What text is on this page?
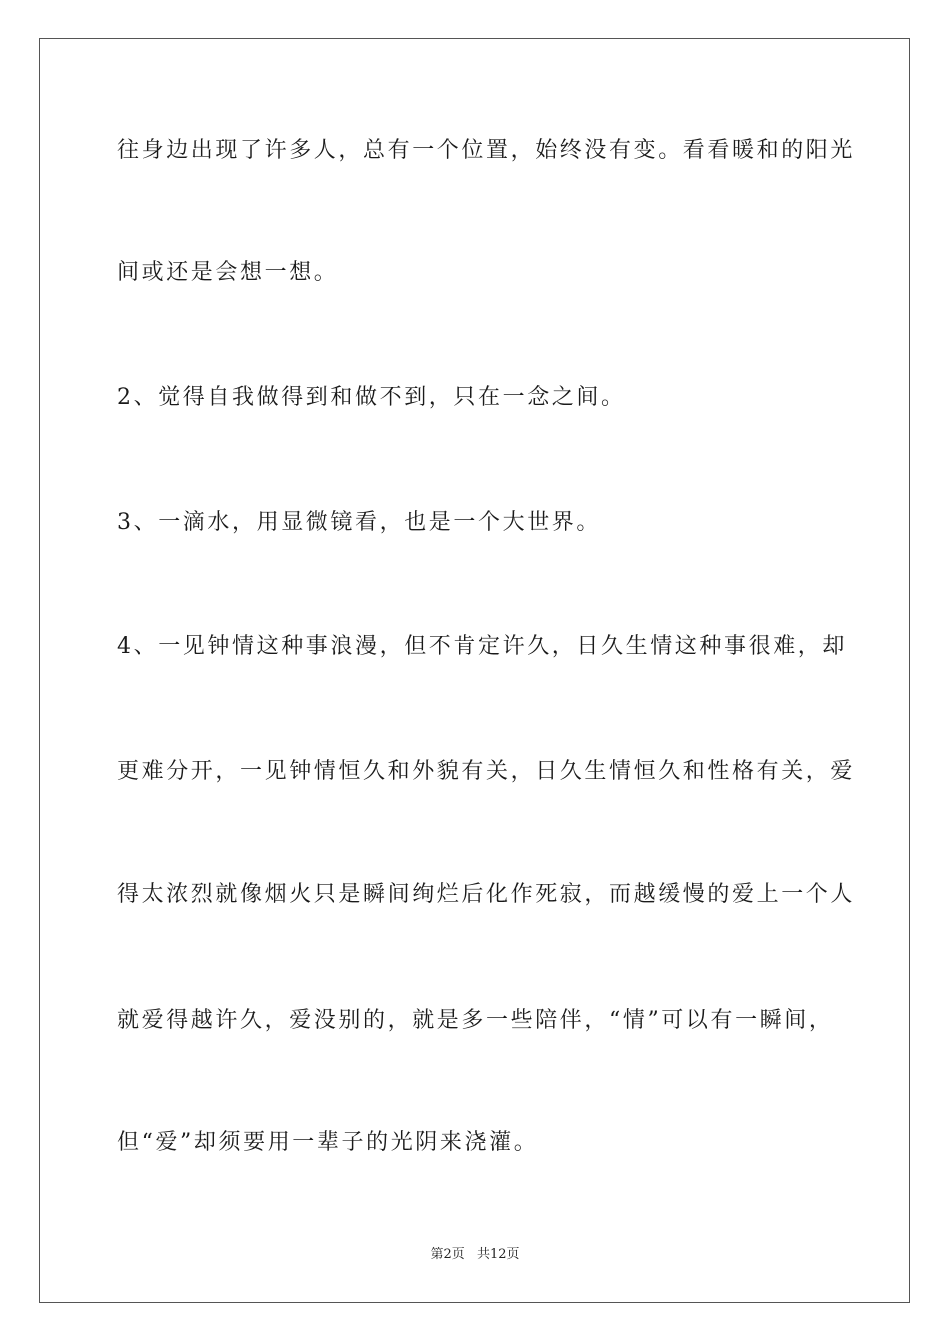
往身边出现了许多人，总有一个位置，始终没有变。看看暖和的阳光
间或还是会想一想。
2、觉得自我做得到和做不到，只在一念之间。
3、一滴水，用显微镜看，也是一个大世界。
4、一见钟情这种事浪漫，但不肯定许久，日久生情这种事很难，却
更难分开，一见钟情恒久和外貌有关，日久生情恒久和性格有关，爱
得太浓烈就像烟火只是瞬间绚烂后化作死寂，而越缓慢的爱上一个人
就爱得越许久，爱没别的，就是多一些陪伴，“情”可以有一瞬间，
但“爱”却须要用一辈子的光阴来浇灌。
第2页 共12页
